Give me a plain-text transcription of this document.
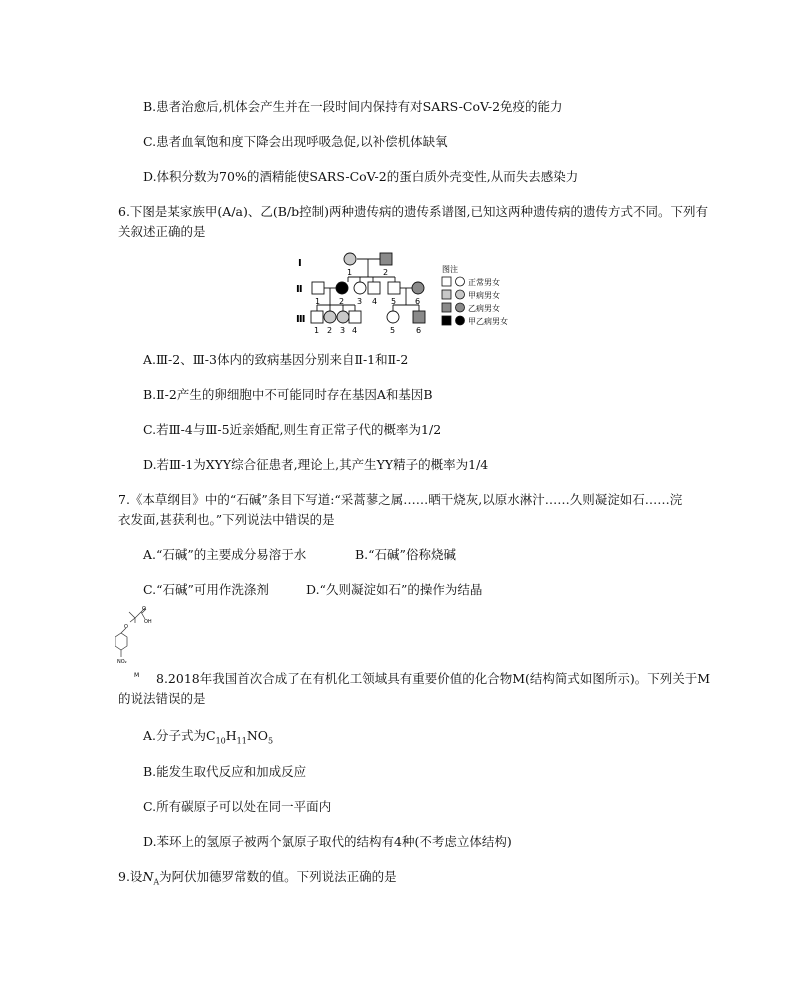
B.患者治愈后,机体会产生并在一段时间内保持有对SARS-CoV-2免疫的能力
C.患者血氧饱和度下降会出现呼吸急促,以补偿机体缺氧
D.体积分数为70%的酒精能使SARS-CoV-2的蛋白质外壳变性,从而失去感染力
6.下图是某家族甲(A/a)、乙(B/b控制)两种遗传病的遗传系谱图,已知这两种遗传病的遗传方式不同。下列有
关叙述正确的是
Ⅰ
Ⅱ
Ⅲ
1	2
1 2 3 4 5 6
1 2 3 4	5	6
图注
正常男女
甲病男女
乙病男女
甲乙病男女
A.Ⅲ-2、Ⅲ-3体内的致病基因分别来自Ⅱ-1和Ⅱ-2
B.Ⅱ-2产生的卵细胞中不可能同时存在基因A和基因B
C.若Ⅲ-4与Ⅲ-5近亲婚配,则生育正常子代的概率为1/2
D.若Ⅲ-1为XYY综合征患者,理论上,其产生YY精子的概率为1/4
7.《本草纲目》中的“石碱”条目下写道:“采蒿蓼之属……晒干烧灰,以原水淋汁……久则凝淀如石……浣
衣发面,甚获利也。”下列说法中错误的是
A.“石碱”的主要成分易溶于水	B.“石碱”俗称烧碱
C.“石碱”可用作洗涤剂	D.“久则凝淀如石”的操作为结晶
O
OH
O
NO₂
M 8.2018年我国首次合成了在有机化工领域具有重要价值的化合物M(结构简式如图所示)。下列关于M
的说法错误的是
A.分子式为$C_{10}H_{11}NO_5$
B.能发生取代反应和加成反应
C.所有碳原子可以处在同一平面内
D.苯环上的氢原子被两个氯原子取代的结构有4种(不考虑立体结构)
9.设$N_A$为阿伏加德罗常数的值。下列说法正确的是
